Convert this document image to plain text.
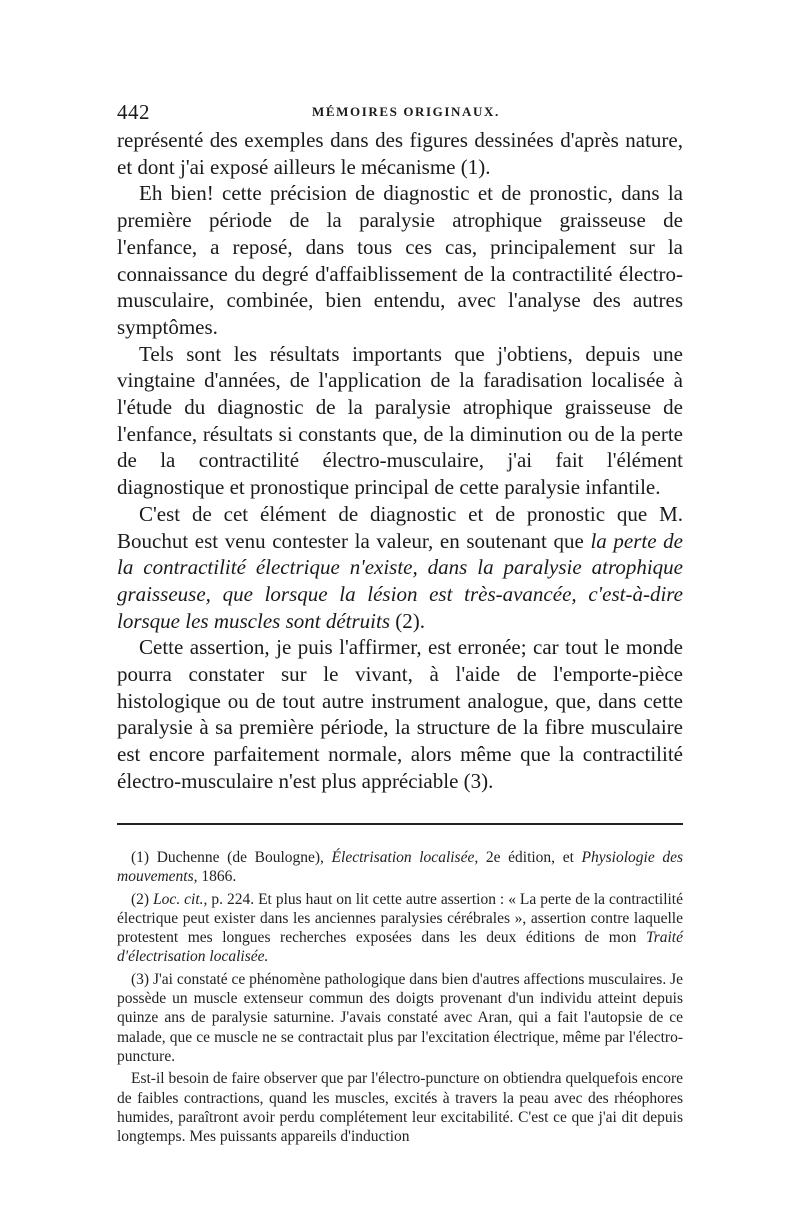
442	MÉMOIRES ORIGINAUX.

représenté des exemples dans des figures dessinées d'après nature, et dont j'ai exposé ailleurs le mécanisme (1).

Eh bien! cette précision de diagnostic et de pronostic, dans la première période de la paralysie atrophique graisseuse de l'enfance, a reposé, dans tous ces cas, principalement sur la connaissance du degré d'affaiblissement de la contractilité électro-musculaire, combinée, bien entendu, avec l'analyse des autres symptômes.

Tels sont les résultats importants que j'obtiens, depuis une vingtaine d'années, de l'application de la faradisation localisée à l'étude du diagnostic de la paralysie atrophique graisseuse de l'enfance, résultats si constants que, de la diminution ou de la perte de la contractilité électro-musculaire, j'ai fait l'élément diagnostique et pronostique principal de cette paralysie infantile.

C'est de cet élément de diagnostic et de pronostic que M. Bouchut est venu contester la valeur, en soutenant que la perte de la contractilité électrique n'existe, dans la paralysie atrophique graisseuse, que lorsque la lésion est très-avancée, c'est-à-dire lorsque les muscles sont détruits (2).

Cette assertion, je puis l'affirmer, est erronée; car tout le monde pourra constater sur le vivant, à l'aide de l'emporte-pièce histologique ou de tout autre instrument analogue, que, dans cette paralysie à sa première période, la structure de la fibre musculaire est encore parfaitement normale, alors même que la contractilité électro-musculaire n'est plus appréciable (3).

(1) Duchenne (de Boulogne), Électrisation localisée, 2e édition, et Physiologie des mouvements, 1866.

(2) Loc. cit., p. 224. Et plus haut on lit cette autre assertion : « La perte de la contractilité électrique peut exister dans les anciennes paralysies cérébrales », assertion contre laquelle protestent mes longues recherches exposées dans les deux éditions de mon Traité d'électrisation localisée.

(3) J'ai constaté ce phénomène pathologique dans bien d'autres affections musculaires. Je possède un muscle extenseur commun des doigts provenant d'un individu atteint depuis quinze ans de paralysie saturnine. J'avais constaté avec Aran, qui a fait l'autopsie de ce malade, que ce muscle ne se contractait plus par l'excitation électrique, même par l'électro-puncture.

Est-il besoin de faire observer que par l'électro-puncture on obtiendra quelquefois encore de faibles contractions, quand les muscles, excités à travers la peau avec des rhéophores humides, paraîtront avoir perdu complétement leur excitabilité. C'est ce que j'ai dit depuis longtemps. Mes puissants appareils d'induction
